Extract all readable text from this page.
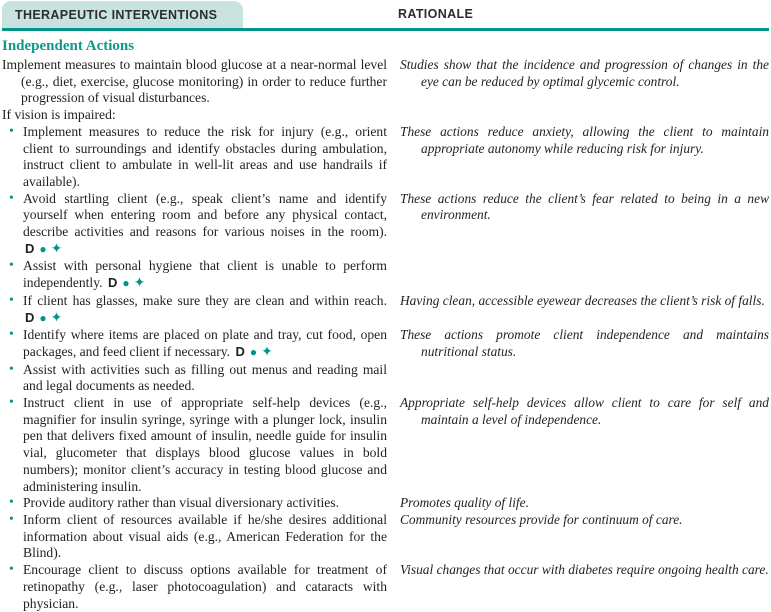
THERAPEUTIC INTERVENTIONS	RATIONALE
Independent Actions

Implement measures to maintain blood glucose at a near-normal level (e.g., diet, exercise, glucose monitoring) in order to reduce further progression of visual disturbances.

If vision is impaired:

Studies show that the incidence and progression of changes in the eye can be reduced by optimal glycemic control.

• Implement measures to reduce the risk for injury (e.g., orient client to surroundings and identify obstacles during ambulation, instruct client to ambulate in well-lit areas and use handrails if available).

These actions reduce anxiety, allowing the client to maintain appropriate autonomy while reducing risk for injury.

• Avoid startling client (e.g., speak client’s name and identify yourself when entering room and before any physical contact, describe activities and reasons for various noises in the room). D ● ✦
• Assist with personal hygiene that client is unable to perform independently. D ● ✦

These actions reduce the client’s fear related to being in a new environment.

• If client has glasses, make sure they are clean and within reach. D ● ✦

Having clean, accessible eyewear decreases the client’s risk of falls.

• Identify where items are placed on plate and tray, cut food, open packages, and feed client if necessary. D ● ✦
• Assist with activities such as filling out menus and reading mail and legal documents as needed.

These actions promote client independence and maintains nutritional status.

• Instruct client in use of appropriate self-help devices (e.g., magnifier for insulin syringe, syringe with a plunger lock, insulin pen that delivers fixed amount of insulin, needle guide for insulin vial, glucometer that displays blood glucose values in bold numbers); monitor client’s accuracy in testing blood glucose and administering insulin.

Appropriate self-help devices allow client to care for self and maintain a level of independence.

• Provide auditory rather than visual diversionary activities.	Promotes quality of life.

• Inform client of resources available if he/she desires additional information about visual aids (e.g., American Federation for the Blind).

Community resources provide for continuum of care.

• Encourage client to discuss options available for treatment of retinopathy (e.g., laser photocoagulation) and cataracts with physician.

Visual changes that occur with diabetes require ongoing health care.
